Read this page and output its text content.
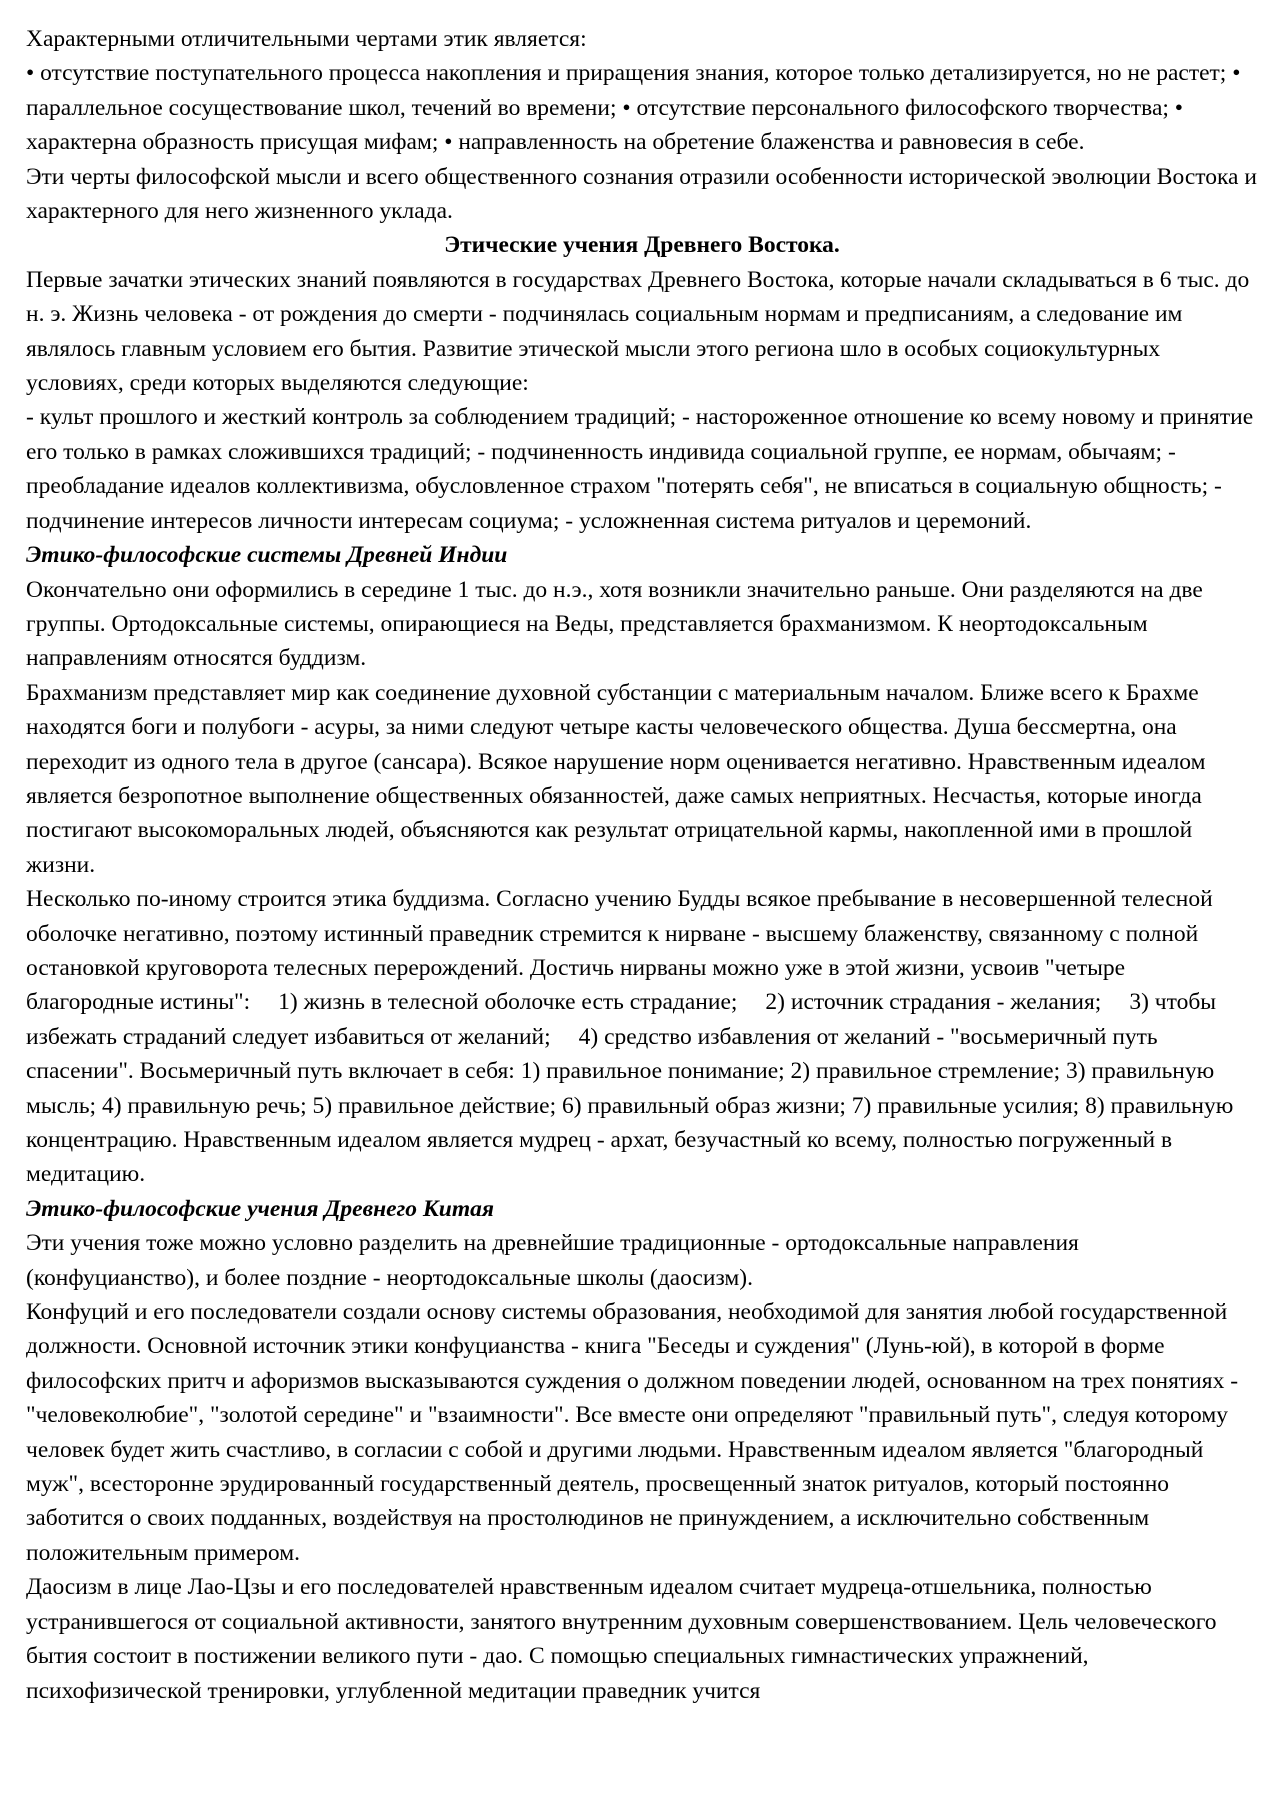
Характерными отличительными чертами этик является:

• отсутствие поступательного процесса накопления и приращения знания, которое только детализируется, но не растет; • параллельное сосуществование школ, течений во времени; • отсутствие персонального философского творчества; • характерна образность присущая мифам; • направленность на обретение блаженства и равновесия в себе.

Эти черты философской мысли и всего общественного сознания отразили особенности исторической эволюции Востока и характерного для него жизненного уклада.

Этические учения Древнего Востока.

Первые зачатки этических знаний появляются в государствах Древнего Востока, которые начали складываться в 6 тыс. до н. э. Жизнь человека - от рождения до смерти - подчинялась социальным нормам и предписаниям, а следование им являлось главным условием его бытия. Развитие этической мысли этого региона шло в особых социокультурных условиях, среди которых выделяются следующие:

- культ прошлого и жесткий контроль за соблюдением традиций; - настороженное отношение ко всему новому и принятие его только в рамках сложившихся традиций; - подчиненность индивида социальной группе, ее нормам, обычаям; - преобладание идеалов коллективизма, обусловленное страхом "потерять себя", не вписаться в социальную общность; - подчинение интересов личности интересам социума; - усложненная система ритуалов и церемоний.

Этико-философские системы Древней Индии

Окончательно они оформились в середине 1 тыс. до н.э., хотя возникли значительно раньше. Они разделяются на две группы. Ортодоксальные системы, опирающиеся на Веды, представляется брахманизмом. К неортодоксальным направлениям относятся буддизм.

Брахманизм представляет мир как соединение духовной субстанции с материальным началом. Ближе всего к Брахме находятся боги и полубоги - асуры, за ними следуют четыре касты человеческого общества. Душа бессмертна, она переходит из одного тела в другое (сансара). Всякое нарушение норм оценивается негативно. Нравственным идеалом является безропотное выполнение общественных обязанностей, даже самых неприятных. Несчастья, которые иногда постигают высокоморальных людей, объясняются как результат отрицательной кармы, накопленной ими в прошлой жизни.

Несколько по-иному строится этика буддизма. Согласно учению Будды всякое пребывание в несовершенной телесной оболочке негативно, поэтому истинный праведник стремится к нирване - высшему блаженству, связанному с полной остановкой круговорота телесных перерождений. Достичь нирваны можно уже в этой жизни, усвоив "четыре благородные истины": 1) жизнь в телесной оболочке есть страдание; 2) источник страдания - желания; 3) чтобы избежать страданий следует избавиться от желаний; 4) средство избавления от желаний - "восьмеричный путь спасении". Восьмеричный путь включает в себя: 1) правильное понимание; 2) правильное стремление; 3) правильную мысль; 4) правильную речь; 5) правильное действие; 6) правильный образ жизни; 7) правильные усилия; 8) правильную концентрацию. Нравственным идеалом является мудрец - архат, безучастный ко всему, полностью погруженный в медитацию.

Этико-философские учения Древнего Китая

Эти учения тоже можно условно разделить на древнейшие традиционные - ортодоксальные направления (конфуцианство), и более поздние - неортодоксальные школы (даосизм).

Конфуций и его последователи создали основу системы образования, необходимой для занятия любой государственной должности. Основной источник этики конфуцианства - книга "Беседы и суждения" (Лунь-юй), в которой в форме философских притч и афоризмов высказываются суждения о должном поведении людей, основанном на трех понятиях - "человеколюбие", "золотой середине" и "взаимности". Все вместе они определяют "правильный путь", следуя которому человек будет жить счастливо, в согласии с собой и другими людьми. Нравственным идеалом является "благородный муж", всесторонне эрудированный государственный деятель, просвещенный знаток ритуалов, который постоянно заботится о своих подданных, воздействуя на простолюдинов не принуждением, а исключительно собственным положительным примером.

Даосизм в лице Лао-Цзы и его последователей нравственным идеалом считает мудреца-отшельника, полностью устранившегося от социальной активности, занятого внутренним духовным совершенствованием. Цель человеческого бытия состоит в постижении великого пути - дао. С помощью специальных гимнастических упражнений, психофизической тренировки, углубленной медитации праведник учится
